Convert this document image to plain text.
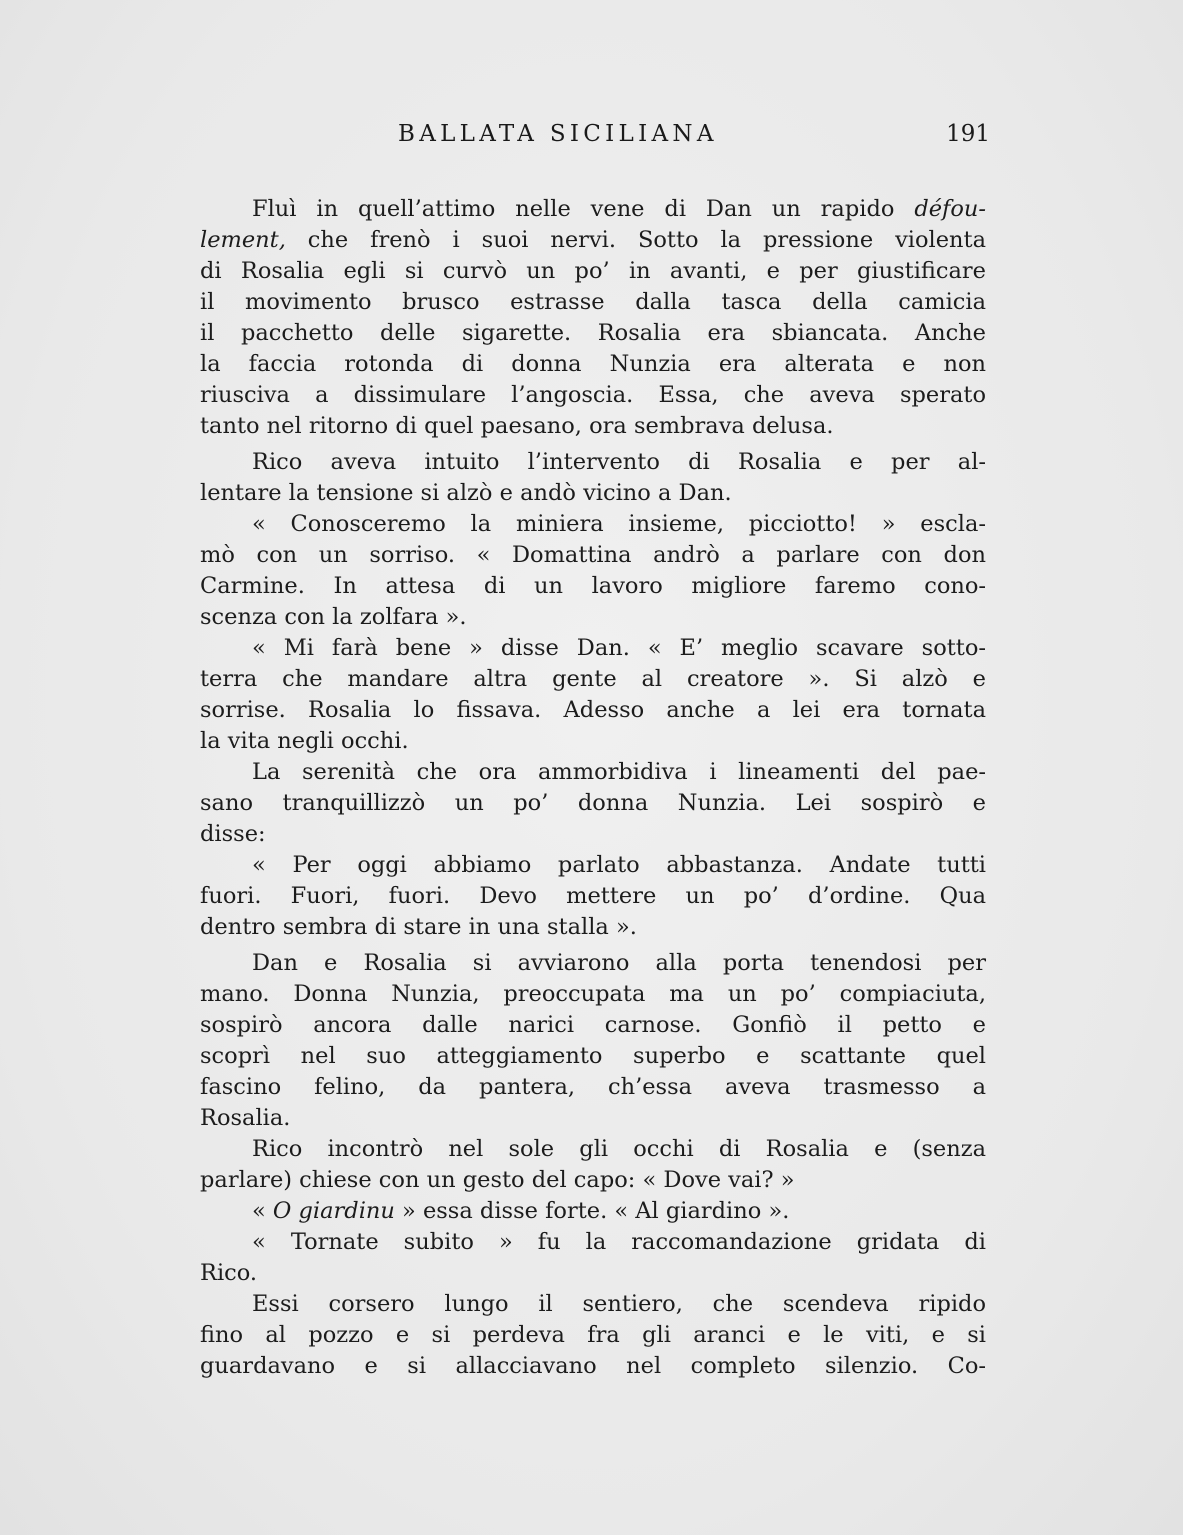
BALLATA SICILIANA	191
Fluì in quell’attimo nelle vene di Dan un rapido défou-
lement, che frenò i suoi nervi. Sotto la pressione violenta
di Rosalia egli si curvò un po’ in avanti, e per giustificare
il movimento brusco estrasse dalla tasca della camicia
il pacchetto delle sigarette. Rosalia era sbiancata. Anche
la faccia rotonda di donna Nunzia era alterata e non
riusciva a dissimulare l’angoscia. Essa, che aveva sperato
tanto nel ritorno di quel paesano, ora sembrava delusa.
Rico aveva intuito l’intervento di Rosalia e per al-
lentare la tensione si alzò e andò vicino a Dan.
« Conosceremo la miniera insieme, picciotto! » escla-
mò con un sorriso. « Domattina andrò a parlare con don
Carmine. In attesa di un lavoro migliore faremo cono-
scenza con la zolfara ».
« Mi farà bene » disse Dan. « E’ meglio scavare sotto-
terra che mandare altra gente al creatore ». Si alzò e
sorrise. Rosalia lo fissava. Adesso anche a lei era tornata
la vita negli occhi.
La serenità che ora ammorbidiva i lineamenti del pae-
sano tranquillizzò un po’ donna Nunzia. Lei sospirò e
disse:
« Per oggi abbiamo parlato abbastanza. Andate tutti
fuori. Fuori, fuori. Devo mettere un po’ d’ordine. Qua
dentro sembra di stare in una stalla ».
Dan e Rosalia si avviarono alla porta tenendosi per
mano. Donna Nunzia, preoccupata ma un po’ compiaciuta,
sospirò ancora dalle narici carnose. Gonfiò il petto e
scoprì nel suo atteggiamento superbo e scattante quel
fascino felino, da pantera, ch’essa aveva trasmesso a
Rosalia.
Rico incontrò nel sole gli occhi di Rosalia e (senza
parlare) chiese con un gesto del capo: « Dove vai? »
« O giardinu » essa disse forte. « Al giardino ».
« Tornate subito » fu la raccomandazione gridata di
Rico.
Essi corsero lungo il sentiero, che scendeva ripido
fino al pozzo e si perdeva fra gli aranci e le viti, e si
guardavano e si allacciavano nel completo silenzio. Co-
